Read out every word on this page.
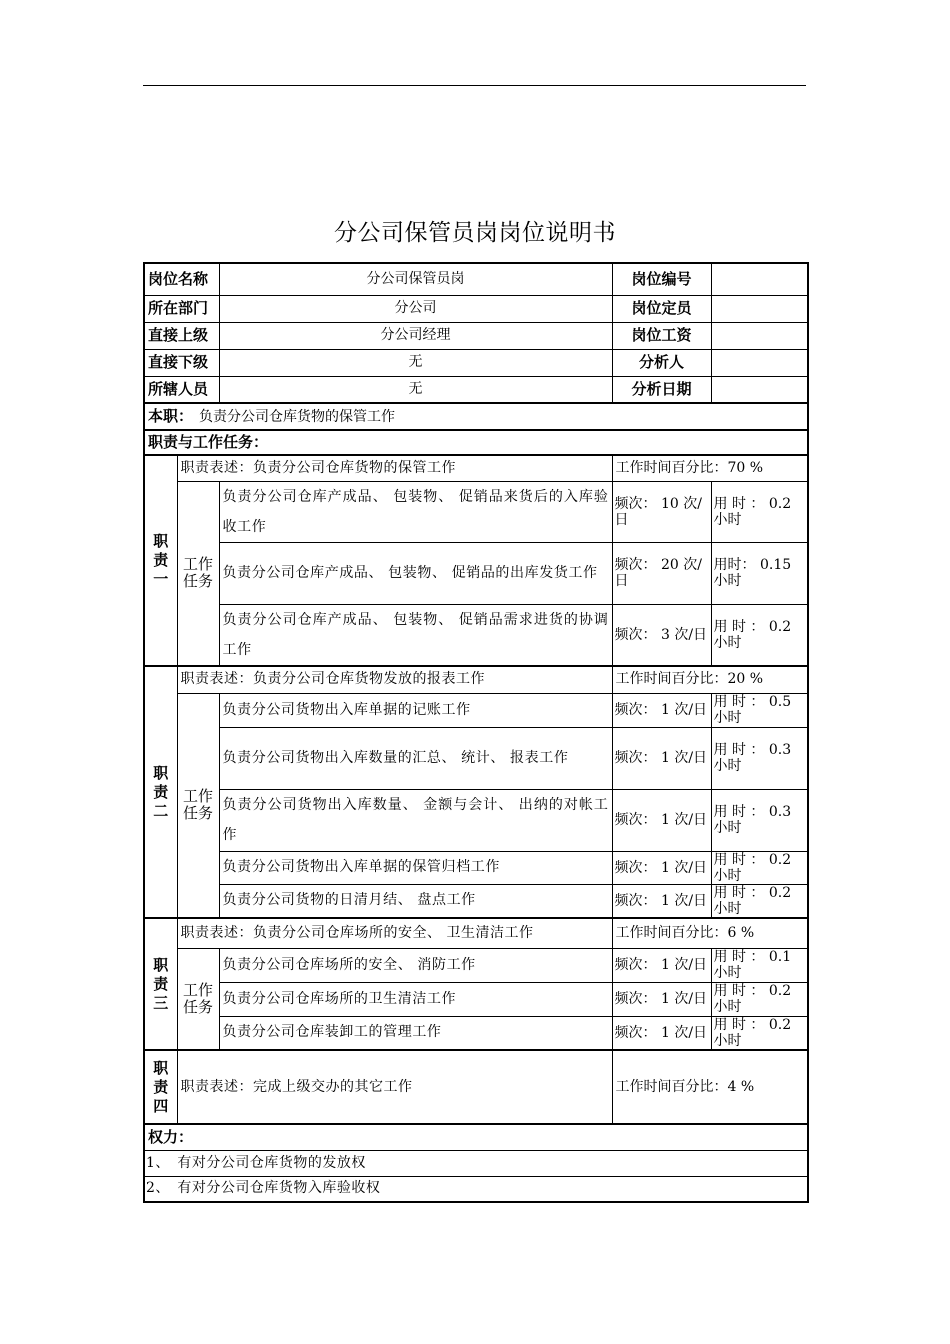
分公司保管员岗岗位说明书
岗位名称		分公司保管员岗	岗位编号	
所在部门		分公司	岗位定员	
直接上级		分公司经理	岗位工资	
直接下级		无	分析人	
所辖人员		无	分析日期	
本职： 负责分公司仓库货物的保管工作				
职责与工作任务：				

职责一	职责表述：负责分公司仓库货物的保管工作		工作时间百分比：70 %	

	工作任务	负责分公司仓库产成品、 包装物、 促销品来货后的入库验收工作	频次： 10 次/日	用 时 ： 0.2 小时
		负责分公司仓库产成品、 包装物、 促销品的出库发货工作	频次： 20 次/日	用时： 0.15 小时
		负责分公司仓库产成品、 包装物、 促销品需求进货的协调工作	频次： 3 次/日	用 时 ： 0.2 小时

职责二	职责表述：负责分公司仓库货物发放的报表工作		工作时间百分比：20 %	

	工作任务	负责分公司货物出入库单据的记账工作	频次： 1 次/日	用 时 ： 0.5 小时
		负责分公司货物出入库数量的汇总、 统计、 报表工作	频次： 1 次/日	用 时 ： 0.3 小时
		负责分公司货物出入库数量、 金额与会计、 出纳的对帐工作	频次： 1 次/日	用 时 ： 0.3 小时
		负责分公司货物出入库单据的保管归档工作	频次： 1 次/日	用 时 ： 0.2 小时
		负责分公司货物的日清月结、 盘点工作	频次： 1 次/日	用 时 ： 0.2 小时

职责三	职责表述：负责分公司仓库场所的安全、 卫生清洁工作		工作时间百分比：6 %	

	工作任务	负责分公司仓库场所的安全、 消防工作	频次： 1 次/日	用 时 ： 0.1 小时
		负责分公司仓库场所的卫生清洁工作	频次： 1 次/日	用 时 ： 0.2 小时
		负责分公司仓库装卸工的管理工作	频次： 1 次/日	用 时 ： 0.2 小时

职责四	职责表述：完成上级交办的其它工作		工作时间百分比：4 %	
权力：				
1、　有对分公司仓库货物的发放权				
2、　有对分公司仓库货物入库验收权				
